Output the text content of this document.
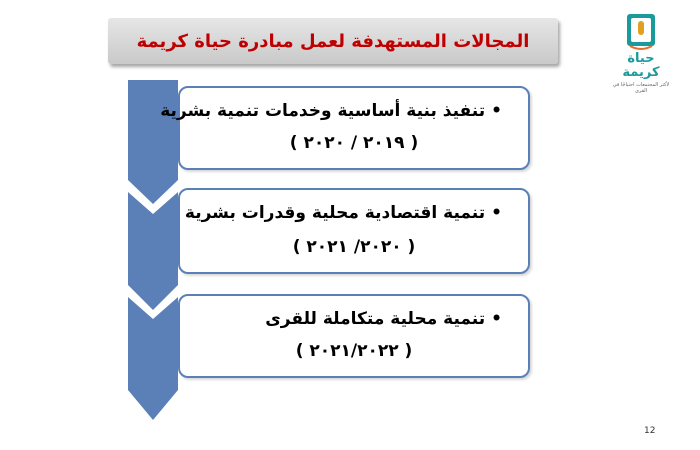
المجالات المستهدفة لعمل مبادرة حياة كريمة
حياة
كريمة
لأكثر المجتمعات احتياجًا في القرى
•تنفيذ بنية أساسية وخدمات تنمية بشرية
( ٢٠١٩ / ٢٠٢٠ )
•تنمية اقتصادية محلية وقدرات بشرية
( ٢٠٢٠/ ٢٠٢١ )
•تنمية محلية متكاملة للقرى
( ٢٠٢١/٢٠٢٢ )
12
